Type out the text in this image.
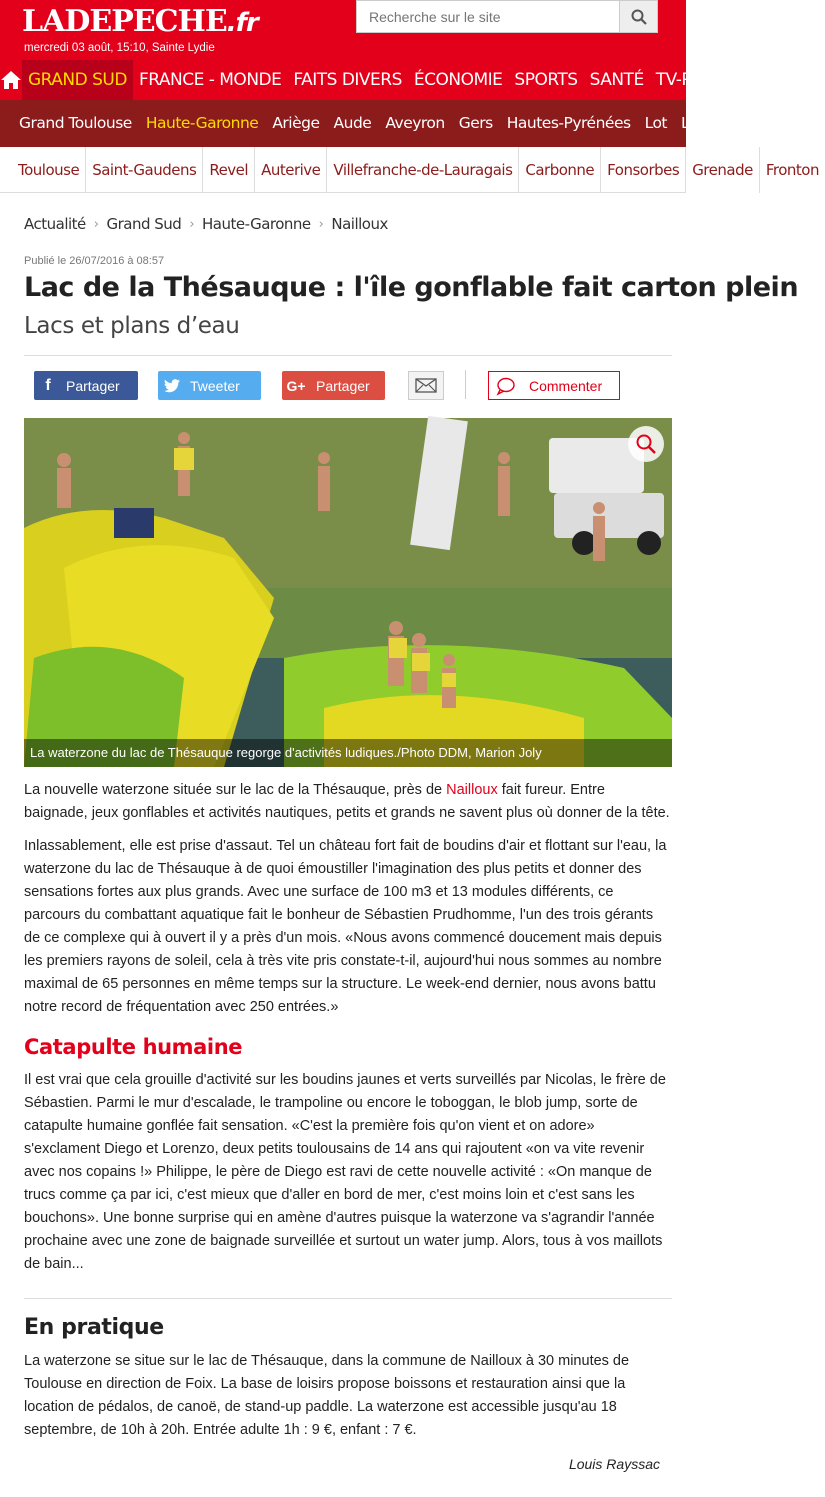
LADEPECHE.fr
mercredi 03 août, 15:10, Sainte Lydie
Recherche sur le site
GRAND SUD FRANCE - MONDE FAITS DIVERS ÉCONOMIE SPORTS SANTÉ TV-PEOPLE LOISIRS
Grand Toulouse Haute-Garonne Ariège Aude Aveyron Gers Hautes-Pyrénées Lot Lot-et-Garonne
Toulouse Saint-Gaudens Revel Auterive Villefranche-de-Lauragais Carbonne Fonsorbes Grenade Fronton
Actualité › Grand Sud › Haute-Garonne › Nailloux
Publié le 26/07/2016 à 08:57
Lac de la Thésauque : l'île gonflable fait carton plein
Lacs et plans d’eau
f	Partager	Tweeter	G+ Partager	Commenter
La waterzone du lac de Thésauque regorge d'activités ludiques./Photo DDM, Marion Joly

La nouvelle waterzone située sur le lac de la Thésauque, près de Nailloux fait fureur. Entre baignade, jeux gonflables et activités nautiques, petits et grands ne savent plus où donner de la tête.

Inlassablement, elle est prise d'assaut. Tel un château fort fait de boudins d'air et flottant sur l'eau, la waterzone du lac de Thésauque à de quoi émoustiller l'imagination des plus petits et donner des sensations fortes aux plus grands. Avec une surface de 100 m3 et 13 modules différents, ce parcours du combattant aquatique fait le bonheur de Sébastien Prudhomme, l'un des trois gérants de ce complexe qui à ouvert il y a près d'un mois. «Nous avons commencé doucement mais depuis les premiers rayons de soleil, cela à très vite pris constate-t-il, aujourd'hui nous sommes au nombre maximal de 65 personnes en même temps sur la structure. Le week-end dernier, nous avons battu notre record de fréquentation avec 250 entrées.»

Catapulte humaine

Il est vrai que cela grouille d'activité sur les boudins jaunes et verts surveillés par Nicolas, le frère de Sébastien. Parmi le mur d'escalade, le trampoline ou encore le toboggan, le blob jump, sorte de catapulte humaine gonflée fait sensation. «C'est la première fois qu'on vient et on adore» s'exclament Diego et Lorenzo, deux petits toulousains de 14 ans qui rajoutent «on va vite revenir avec nos copains !» Philippe, le père de Diego est ravi de cette nouvelle activité : «On manque de trucs comme ça par ici, c'est mieux que d'aller en bord de mer, c'est moins loin et c'est sans les bouchons». Une bonne surprise qui en amène d'autres puisque la waterzone va s'agrandir l'année prochaine avec une zone de baignade surveillée et surtout un water jump. Alors, tous à vos maillots de bain...

En pratique

La waterzone se situe sur le lac de Thésauque, dans la commune de Nailloux à 30 minutes de Toulouse en direction de Foix. La base de loisirs propose boissons et restauration ainsi que la location de pédalos, de canoë, de stand-up paddle. La waterzone est accessible jusqu'au 18 septembre, de 10h à 20h. Entrée adulte 1h : 9 €, enfant : 7 €.

Louis Rayssac
